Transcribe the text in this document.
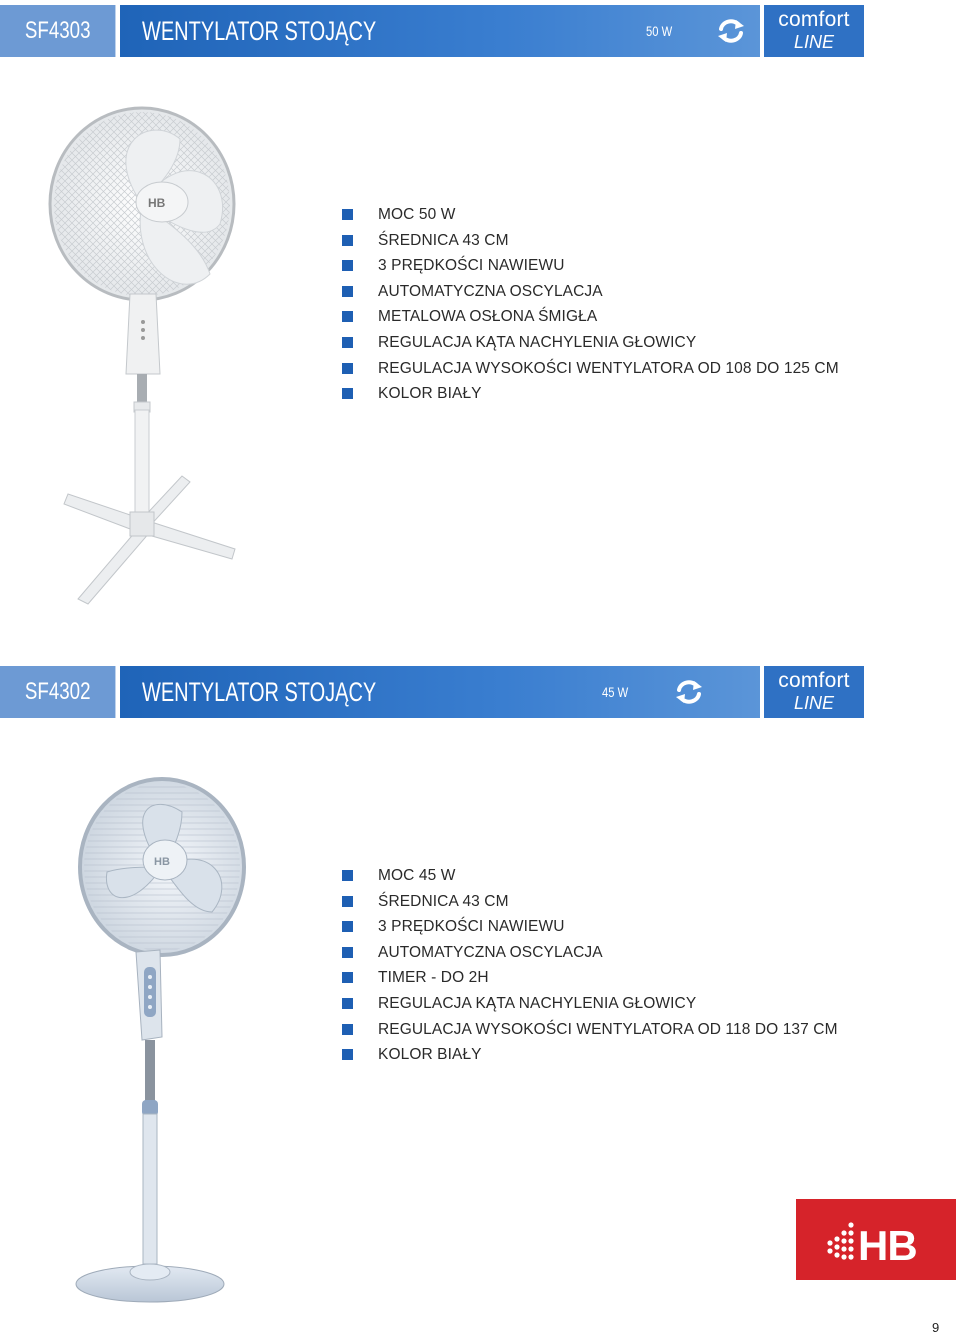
SF4303	WENTYLATOR STOJĄCY	50 W	comfort
LINE
HB
MOC 50 W
ŚREDNICA 43 CM
3 PRĘDKOŚCI NAWIEWU
AUTOMATYCZNA OSCYLACJA
METALOWA OSŁONA ŚMIGŁA
REGULACJA KĄTA NACHYLENIA GŁOWICY
REGULACJA WYSOKOŚCI WENTYLATORA OD 108 DO 125 CM
KOLOR BIAŁY
SF4302	WENTYLATOR STOJĄCY	45 W	comfort
LINE
HB
MOC 45 W
ŚREDNICA 43 CM
3 PRĘDKOŚCI NAWIEWU
AUTOMATYCZNA OSCYLACJA
TIMER - DO 2H
REGULACJA KĄTA NACHYLENIA GŁOWICY
REGULACJA WYSOKOŚCI WENTYLATORA OD 118 DO 137 CM
KOLOR BIAŁY
HB
9
